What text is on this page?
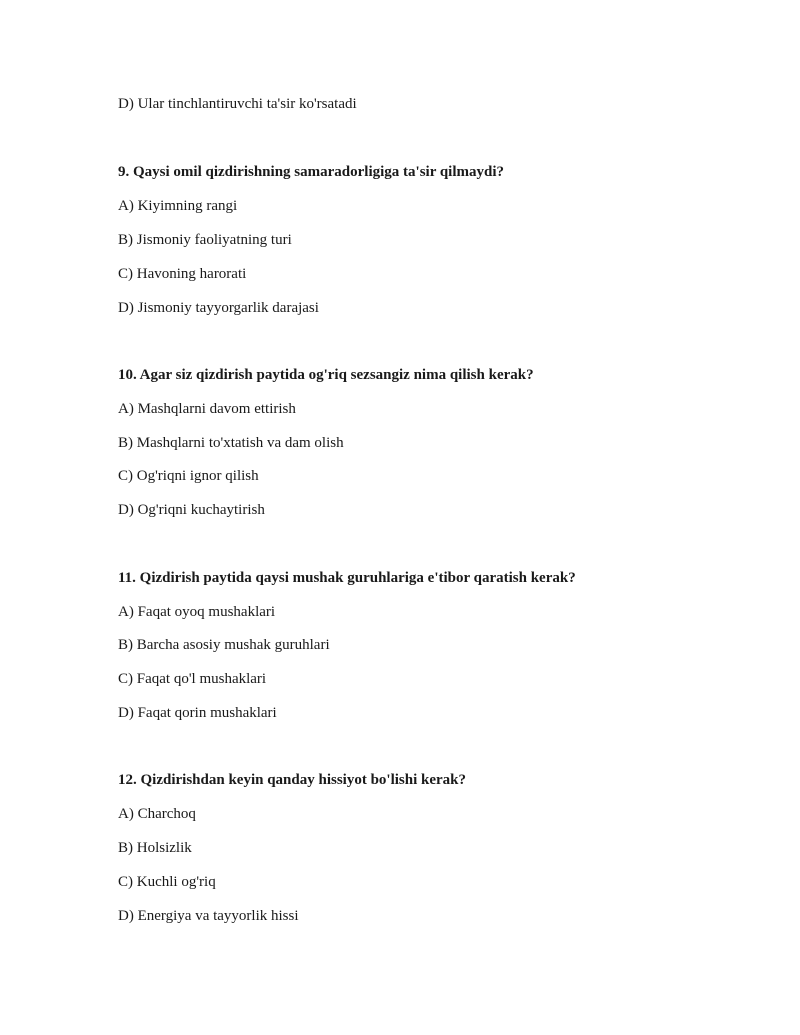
D) Ular tinchlantiruvchi ta'sir ko'rsatadi
9. Qaysi omil qizdirishning samaradorligiga ta'sir qilmaydi?
A) Kiyimning rangi
B) Jismoniy faoliyatning turi
C) Havoning harorati
D) Jismoniy tayyorgarlik darajasi
10. Agar siz qizdirish paytida og'riq sezsangiz nima qilish kerak?
A) Mashqlarni davom ettirish
B) Mashqlarni to'xtatish va dam olish
C) Og'riqni ignor qilish
D) Og'riqni kuchaytirish
11. Qizdirish paytida qaysi mushak guruhlariga e'tibor qaratish kerak?
A) Faqat oyoq mushaklari
B) Barcha asosiy mushak guruhlari
C) Faqat qo'l mushaklari
D) Faqat qorin mushaklari
12. Qizdirishdan keyin qanday hissiyot bo'lishi kerak?
A) Charchoq
B) Holsizlik
C) Kuchli og'riq
D) Energiya va tayyorlik hissi
